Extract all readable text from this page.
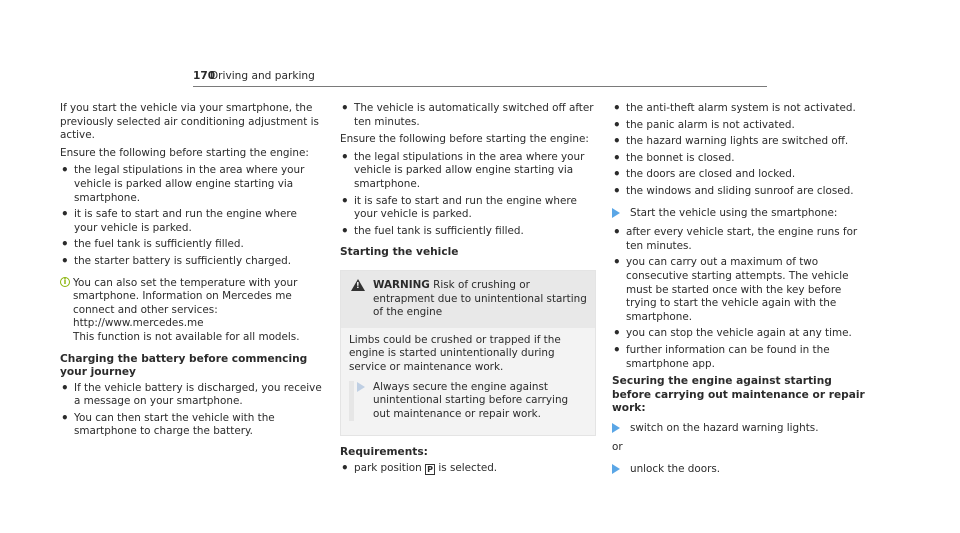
170
Driving and parking

If you start the vehicle via your smartphone, the previously selected air conditioning adjustment is active.

Ensure the following before starting the engine:

• the legal stipulations in the area where your vehicle is parked allow engine starting via smartphone.
• it is safe to start and run the engine where your vehicle is parked.
• the fuel tank is sufficiently filled.
• the starter battery is sufficiently charged.
i You can also set the temperature with your smartphone. Information on Mercedes me connect and other services: http://www.mercedes.me

This function is not available for all models.

Charging the battery before commencing your journey
• If the vehicle battery is discharged, you receive a message on your smartphone.
• You can then start the vehicle with the smartphone to charge the battery.
• The vehicle is automatically switched off after ten minutes.

Ensure the following before starting the engine:

• the legal stipulations in the area where your vehicle is parked allow engine starting via smartphone.
• it is safe to start and run the engine where your vehicle is parked.
• the fuel tank is sufficiently filled.
Starting the vehicle
!
WARNING Risk of crushing or entrapment due to unintentional starting of the engine

Limbs could be crushed or trapped if the engine is started unintentionally during service or maintenance work.

Always secure the engine against unintentional starting before carrying out maintenance or repair work.
Requirements:
• park position P is selected.
• the anti-theft alarm system is not activated.
• the panic alarm is not activated.
• the hazard warning lights are switched off.
• the bonnet is closed.
• the doors are closed and locked.
• the windows and sliding sunroof are closed.
Start the vehicle using the smartphone:
• after every vehicle start, the engine runs for ten minutes.
• you can carry out a maximum of two consecutive starting attempts. The vehicle must be started once with the key before trying to start the vehicle again with the smartphone.
• you can stop the vehicle again at any time.
• further information can be found in the smartphone app.
Securing the engine against starting before carrying out maintenance or repair work:
switch on the hazard warning lights.

or

unlock the doors.
